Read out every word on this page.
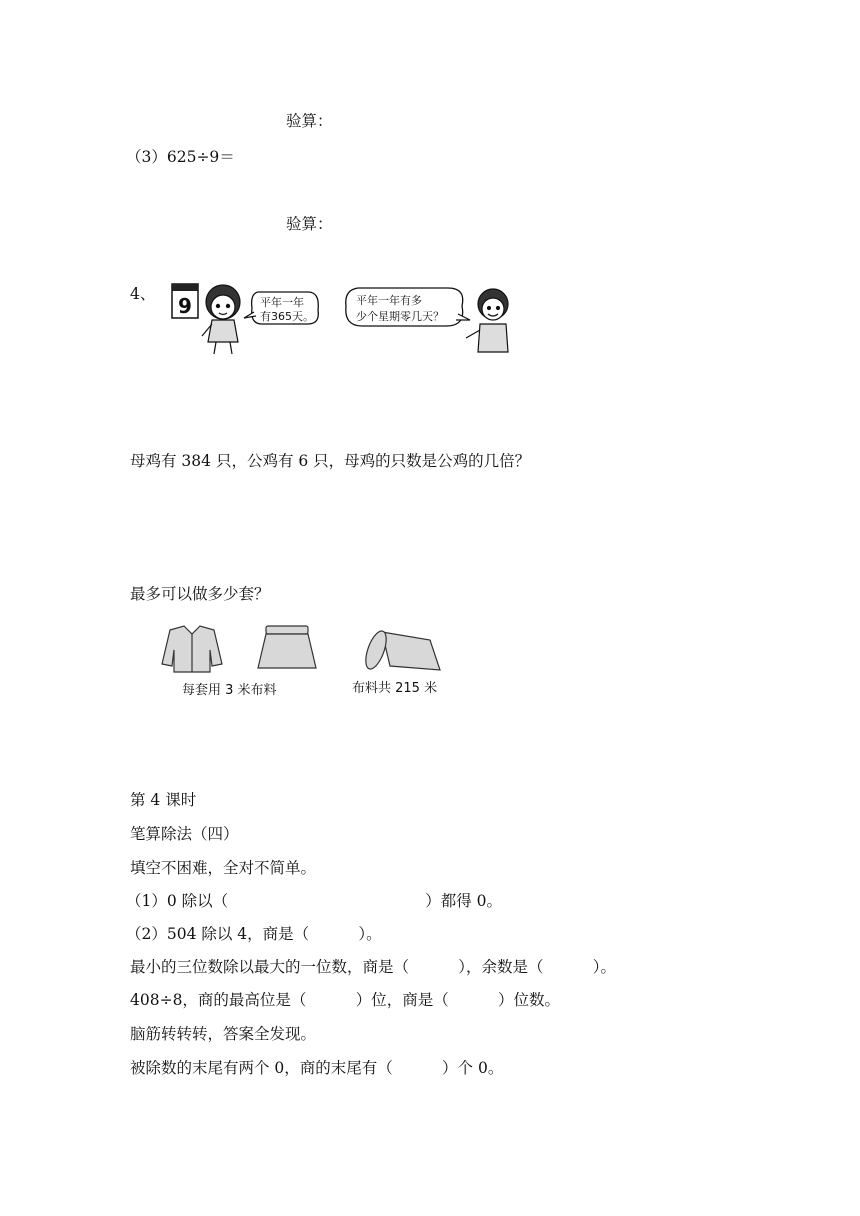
验算：
（3）625÷9＝
验算：
4、 9	平年一年
有365天。
平年一年有多
少个星期零几天？
母鸡有 384 只，公鸡有 6 只，母鸡的只数是公鸡的几倍？
最多可以做多少套？
每套用 3 米布料	布料共 215 米
第 4 课时
笔算除法（四）
填空不困难，全对不简单。
（1）0 除以（                                        ）都得 0。
（2）504 除以 4，商是（          ）。
最小的三位数除以最大的一位数，商是（          ），余数是（          ）。
408÷8，商的最高位是（          ）位，商是（          ）位数。
脑筋转转转，答案全发现。
被除数的末尾有两个 0，商的末尾有（          ）个 0。
